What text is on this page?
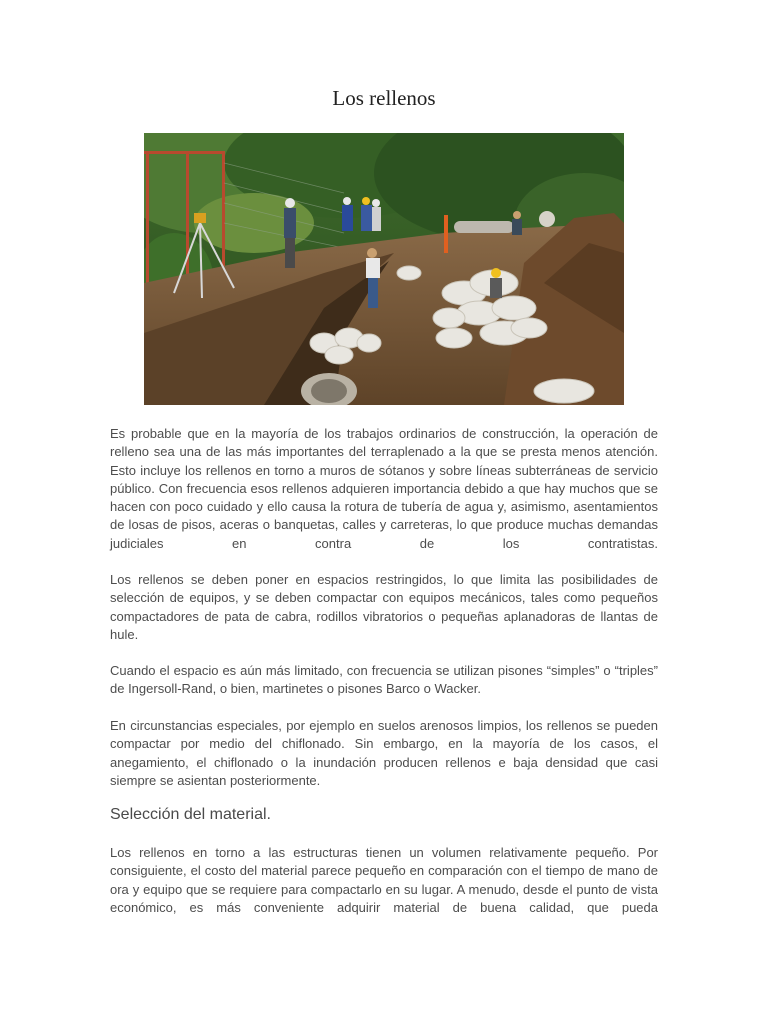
Los rellenos

Es probable que en la mayoría de los trabajos ordinarios de construcción, la operación de relleno sea una de las más importantes del terraplenado a la que se presta menos atención. Esto incluye los rellenos en torno a muros de sótanos y sobre líneas subterráneas de servicio público. Con frecuencia esos rellenos adquieren importancia debido a que hay muchos que se hacen con poco cuidado y ello causa la rotura de tubería de agua y, asimismo, asentamientos de losas de pisos, aceras o banquetas, calles y carreteras, lo que produce muchas demandas judiciales en contra de los contratistas.

Los rellenos se deben poner en espacios restringidos, lo que limita las posibilidades de selección de equipos, y se deben compactar con equipos mecánicos, tales como pequeños compactadores de pata de cabra, rodillos vibratorios o pequeñas aplanadoras de llantas de hule.

Cuando el espacio es aún más limitado, con frecuencia se utilizan pisones “simples” o “triples” de Ingersoll-Rand, o bien, martinetes o pisones Barco o Wacker.

En circunstancias especiales, por ejemplo en suelos arenosos limpios, los rellenos se pueden compactar por medio del chiflonado. Sin embargo, en la mayoría de los casos, el anegamiento, el chiflonado o la inundación producen rellenos e baja densidad que casi siempre se asientan posteriormente.

Selección del material.

Los rellenos en torno a las estructuras tienen un volumen relativamente pequeño. Por consiguiente, el costo del material parece pequeño en comparación con el tiempo de mano de ora y equipo que se requiere para compactarlo en su lugar. A menudo, desde el punto de vista económico, es más conveniente adquirir material de buena calidad, que pueda
